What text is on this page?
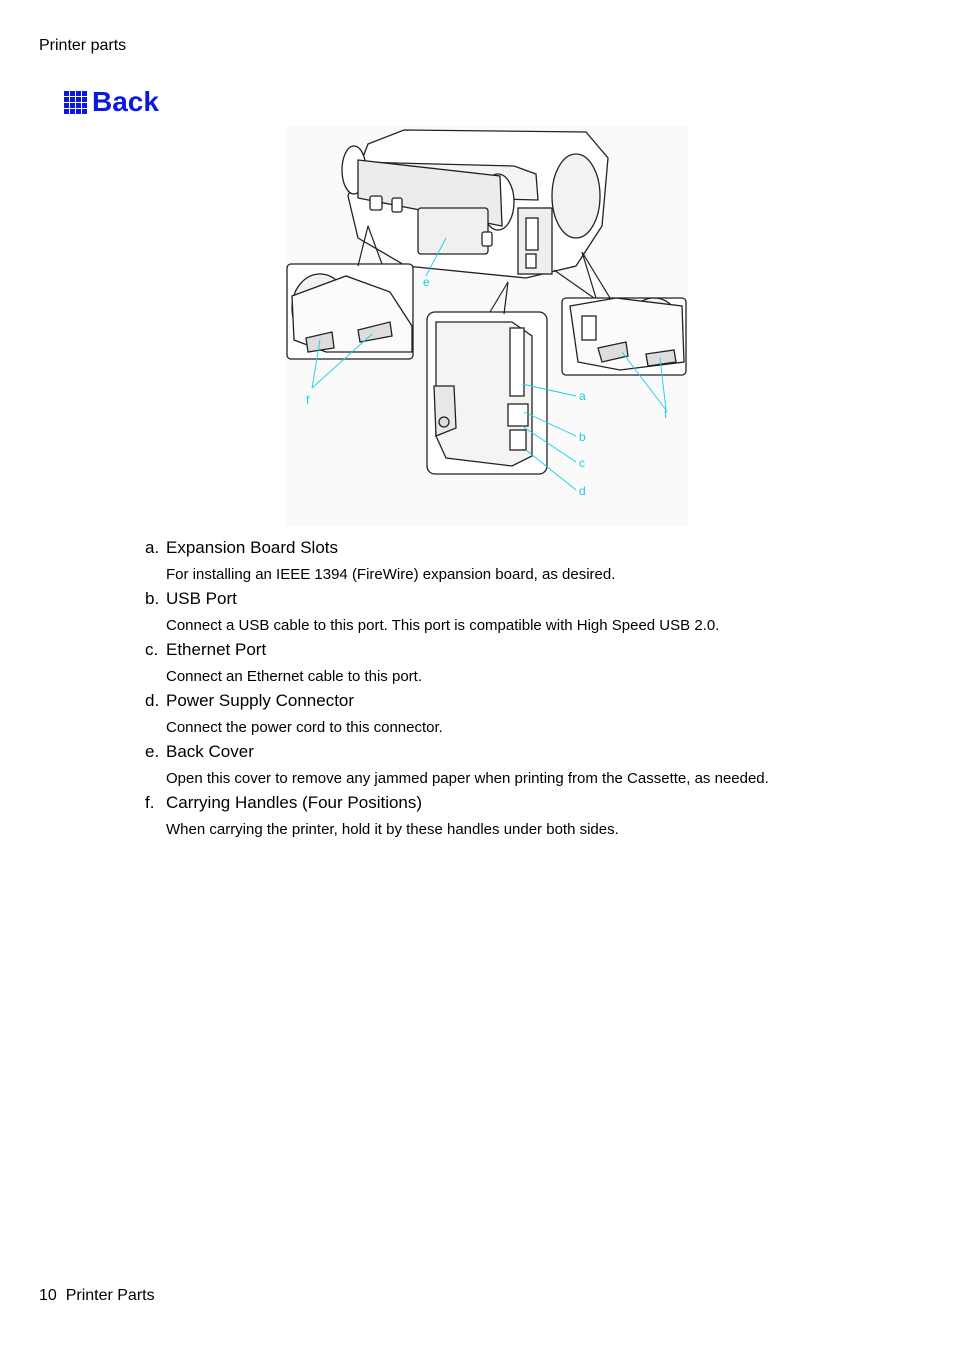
Printer parts
Back
e
f
f
a
b
c
d
a. Expansion Board Slots
For installing an IEEE 1394 (FireWire) expansion board, as desired.
b. USB Port
Connect a USB cable to this port. This port is compatible with High Speed USB 2.0.
c. Ethernet Port
Connect an Ethernet cable to this port.
d. Power Supply Connector
Connect the power cord to this connector.
e. Back Cover
Open this cover to remove any jammed paper when printing from the Cassette, as needed.
f. Carrying Handles (Four Positions)
When carrying the printer, hold it by these handles under both sides.
10 Printer Parts
